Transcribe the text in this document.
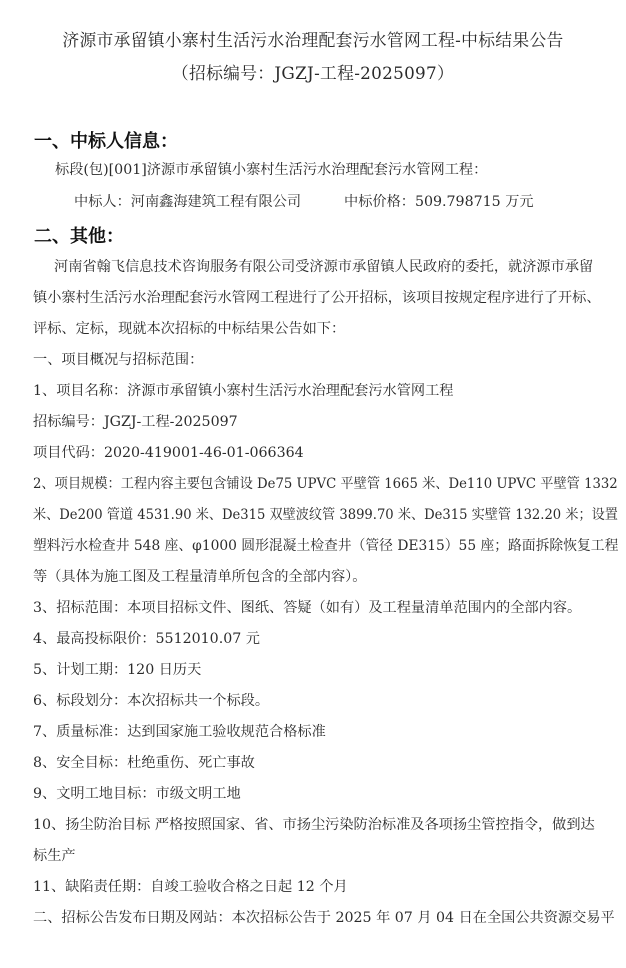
济源市承留镇小寨村生活污水治理配套污水管网工程-中标结果公告
（招标编号：JGZJ-工程-2025097）
一、中标人信息：
标段(包)[001]济源市承留镇小寨村生活污水治理配套污水管网工程：
中标人：河南鑫海建筑工程有限公司	中标价格：509.798715 万元
二、其他：
河南省翰飞信息技术咨询服务有限公司受济源市承留镇人民政府的委托，就济源市承留
镇小寨村生活污水治理配套污水管网工程进行了公开招标，该项目按规定程序进行了开标、
评标、定标，现就本次招标的中标结果公告如下：
一、项目概况与招标范围：
1、项目名称：济源市承留镇小寨村生活污水治理配套污水管网工程
招标编号：JGZJ-工程-2025097
项目代码：2020-419001-46-01-066364
2、项目规模：工程内容主要包含铺设 De75 UPVC 平壁管 1665 米、De110 UPVC 平壁管 1332
米、De200 管道 4531.90 米、De315 双壁波纹管 3899.70 米、De315 实壁管 132.20 米；设置
塑料污水检查井 548 座、φ1000 圆形混凝土检查井（管径 DE315）55 座；路面拆除恢复工程
等（具体为施工图及工程量清单所包含的全部内容）。
3、招标范围：本项目招标文件、图纸、答疑（如有）及工程量清单范围内的全部内容。
4、最高投标限价：5512010.07 元
5、计划工期：120 日历天
6、标段划分：本次招标共一个标段。
7、质量标准：达到国家施工验收规范合格标准
8、安全目标：杜绝重伤、死亡事故
9、文明工地目标：市级文明工地
10、扬尘防治目标 严格按照国家、省、市扬尘污染防治标准及各项扬尘管控指令，做到达
标生产
11、缺陷责任期：自竣工验收合格之日起 12 个月
二、招标公告发布日期及网站：本次招标公告于 2025 年 07 月 04 日在全国公共资源交易平
